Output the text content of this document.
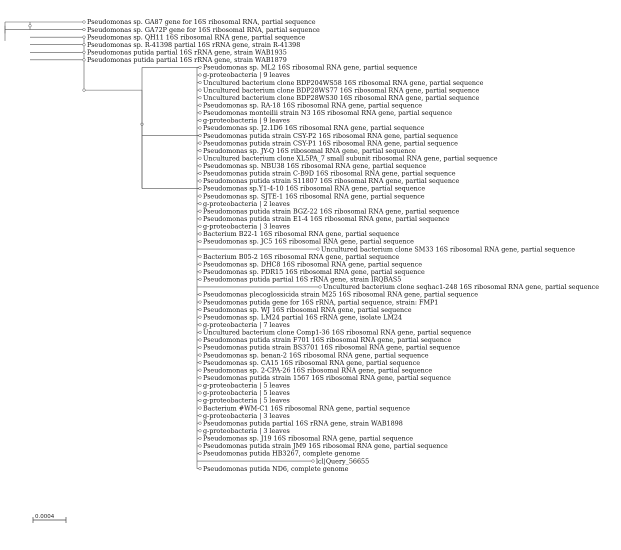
Pseudomonas sp. GA87 gene for 16S ribosomal RNA, partial sequence
Pseudomonas sp. GA72P gene for 16S ribosomal RNA, partial sequence
Pseudomonas sp. QH11 16S ribosomal RNA gene, partial sequence
Pseudomonas sp. R-41398 partial 16S rRNA gene, strain R-41398
Pseudomonas putida partial 16S rRNA gene, strain WAB1935
Pseudomonas putida partial 16S rRNA gene, strain WAB1879
Pseudomonas sp. ML2 16S ribosomal RNA gene, partial sequence
g-proteobacteria | 9 leaves
Uncultured bacterium clone BDP204WS58 16S ribosomal RNA gene, partial sequence
Uncultured bacterium clone BDP28WS77 16S ribosomal RNA gene, partial sequence
Uncultured bacterium clone BDP28WS30 16S ribosomal RNA gene, partial sequence
Pseudomonas sp. RA-18 16S ribosomal RNA gene, partial sequence
Pseudomonas monteilii strain N3 16S ribosomal RNA gene, partial sequence
g-proteobacteria | 9 leaves
Pseudomonas sp. J2.1D6 16S ribosomal RNA gene, partial sequence
Pseudomonas putida strain CSY-P2 16S ribosomal RNA gene, partial sequence
Pseudomonas putida strain CSY-P1 16S ribosomal RNA gene, partial sequence
Pseudomonas sp. JY-Q 16S ribosomal RNA gene, partial sequence
Uncultured bacterium clone XL5PA_7 small subunit ribosomal RNA gene, partial sequence
Pseudomonas sp. NBU38 16S ribosomal RNA gene, partial sequence
Pseudomonas putida strain C-B9D 16S ribosomal RNA gene, partial sequence
Pseudomonas putida strain S11807 16S ribosomal RNA gene, partial sequence
Pseudomonas sp.Y1-4-10 16S ribosomal RNA gene, partial sequence
Pseudomonas sp. SJTE-1 16S ribosomal RNA gene, partial sequence
g-proteobacteria | 2 leaves
Pseudomonas putida strain BGZ-22 16S ribosomal RNA gene, partial sequence
Pseudomonas putida strain E1-4 16S ribosomal RNA gene, partial sequence
g-proteobacteria | 3 leaves
Bacterium B22-1 16S ribosomal RNA gene, partial sequence
Pseudomonas sp. JC5 16S ribosomal RNA gene, partial sequence
Uncultured bacterium clone SM33 16S ribosomal RNA gene, partial sequence
Bacterium B05-2 16S ribosomal RNA gene, partial sequence
Pseudomonas sp. DHC8 16S ribosomal RNA gene, partial sequence
Pseudomonas sp. PDR15 16S ribosomal RNA gene, partial sequence
Pseudomonas putida partial 16S rRNA gene, strain IRQBAS5
Uncultured bacterium clone seqhac1-248 16S ribosomal RNA gene, partial sequence
Pseudomonas plecoglossicida strain M25 16S ribosomal RNA gene, partial sequence
Pseudomonas putida gene for 16S rRNA, partial sequence, strain: FMP1
Pseudomonas sp. WJ 16S ribosomal RNA gene, partial sequence
Pseudomonas sp. LM24 partial 16S rRNA gene, isolate LM24
g-proteobacteria | 7 leaves
Uncultured bacterium clone Comp1-36 16S ribosomal RNA gene, partial sequence
Pseudomonas putida strain F701 16S ribosomal RNA gene, partial sequence
Pseudomonas putida strain BS3701 16S ribosomal RNA gene, partial sequence
Pseudomonas sp. benan-2 16S ribosomal RNA gene, partial sequence
Pseudomonas sp. CA15 16S ribosomal RNA gene, partial sequence
Pseudomonas sp. 2-CPA-26 16S ribosomal RNA gene, partial sequence
Pseudomonas putida strain 1567 16S ribosomal RNA gene, partial sequence
g-proteobacteria | 5 leaves
g-proteobacteria | 5 leaves
g-proteobacteria | 5 leaves
Bacterium #WM-C1 16S ribosomal RNA gene, partial sequence
g-proteobacteria | 3 leaves
Pseudomonas putida partial 16S rRNA gene, strain WAB1898
g-proteobacteria | 3 leaves
Pseudomonas sp. J19 16S ribosomal RNA gene, partial sequence
Pseudomonas putida strain JM9 16S ribosomal RNA gene, partial sequence
Pseudomonas putida HB3267, complete genome
lcl|Query_56655
Pseudomonas putida ND6, complete genome
0.0004
